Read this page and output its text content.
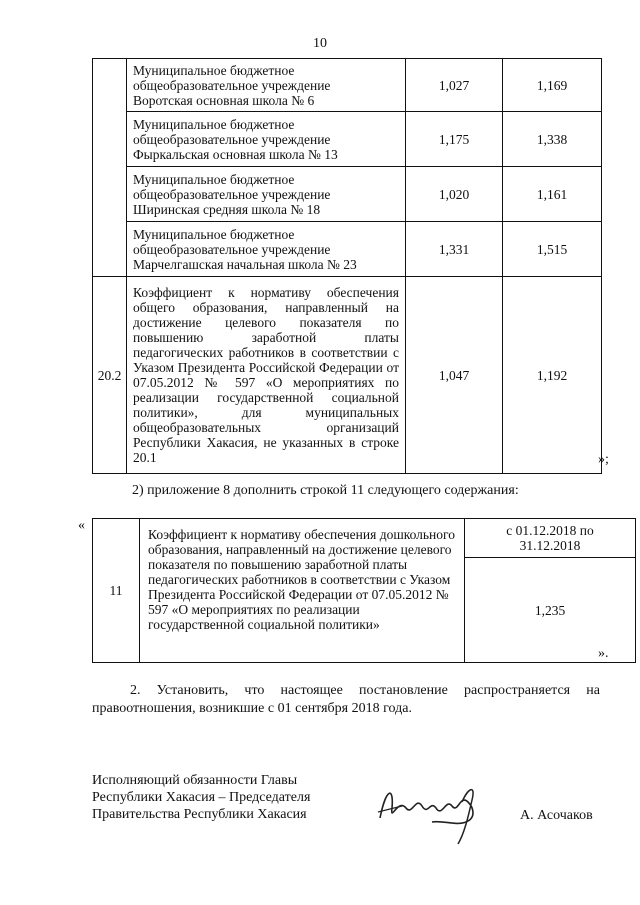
10

	Муниципальное бюджетное
общеобразовательное учреждение
Воротская основная школа № 6	1,027	1,169

	Муниципальное бюджетное
общеобразовательное учреждение
Фыркальская основная школа № 13	1,175	1,338

	Муниципальное бюджетное
общеобразовательное учреждение
Ширинская средняя школа № 18	1,020	1,161

	Муниципальное бюджетное
общеобразовательное учреждение
Марчелгашская начальная школа № 23	1,331	1,515
20.2	Коэффициент к нормативу обеспечения общего образования, направленный на достижение целевого показателя по повышению заработной платы педагогических работников в соответствии с Указом Президента Российской Федерации от 07.05.2012 № 597 «О мероприятиях по реализации государственной социальной политики», для муниципальных общеобразовательных организаций Республики Хакасия, не указанных в строке 20.1	1,047	1,192
»;
2) приложение 8 дополнить строкой 11 следующего содержания:
«
11	Коэффициент к нормативу обеспечения дошкольного образования, направленный на достижение целевого показателя по повышению заработной платы педагогических работников в соответствии с Указом Президента Российской Федерации от 07.05.2012 № 597 «О мероприятиях по реализации государственной социальной политики»	с 01.12.2018 по 31.12.2018
1,235
».
2. Установить, что настоящее постановление распространяется на правоотношения, возникшие с 01 сентября 2018 года.
Исполняющий обязанности Главы
Республики Хакасия – Председателя
Правительства Республики Хакасия	А. Асочаков
